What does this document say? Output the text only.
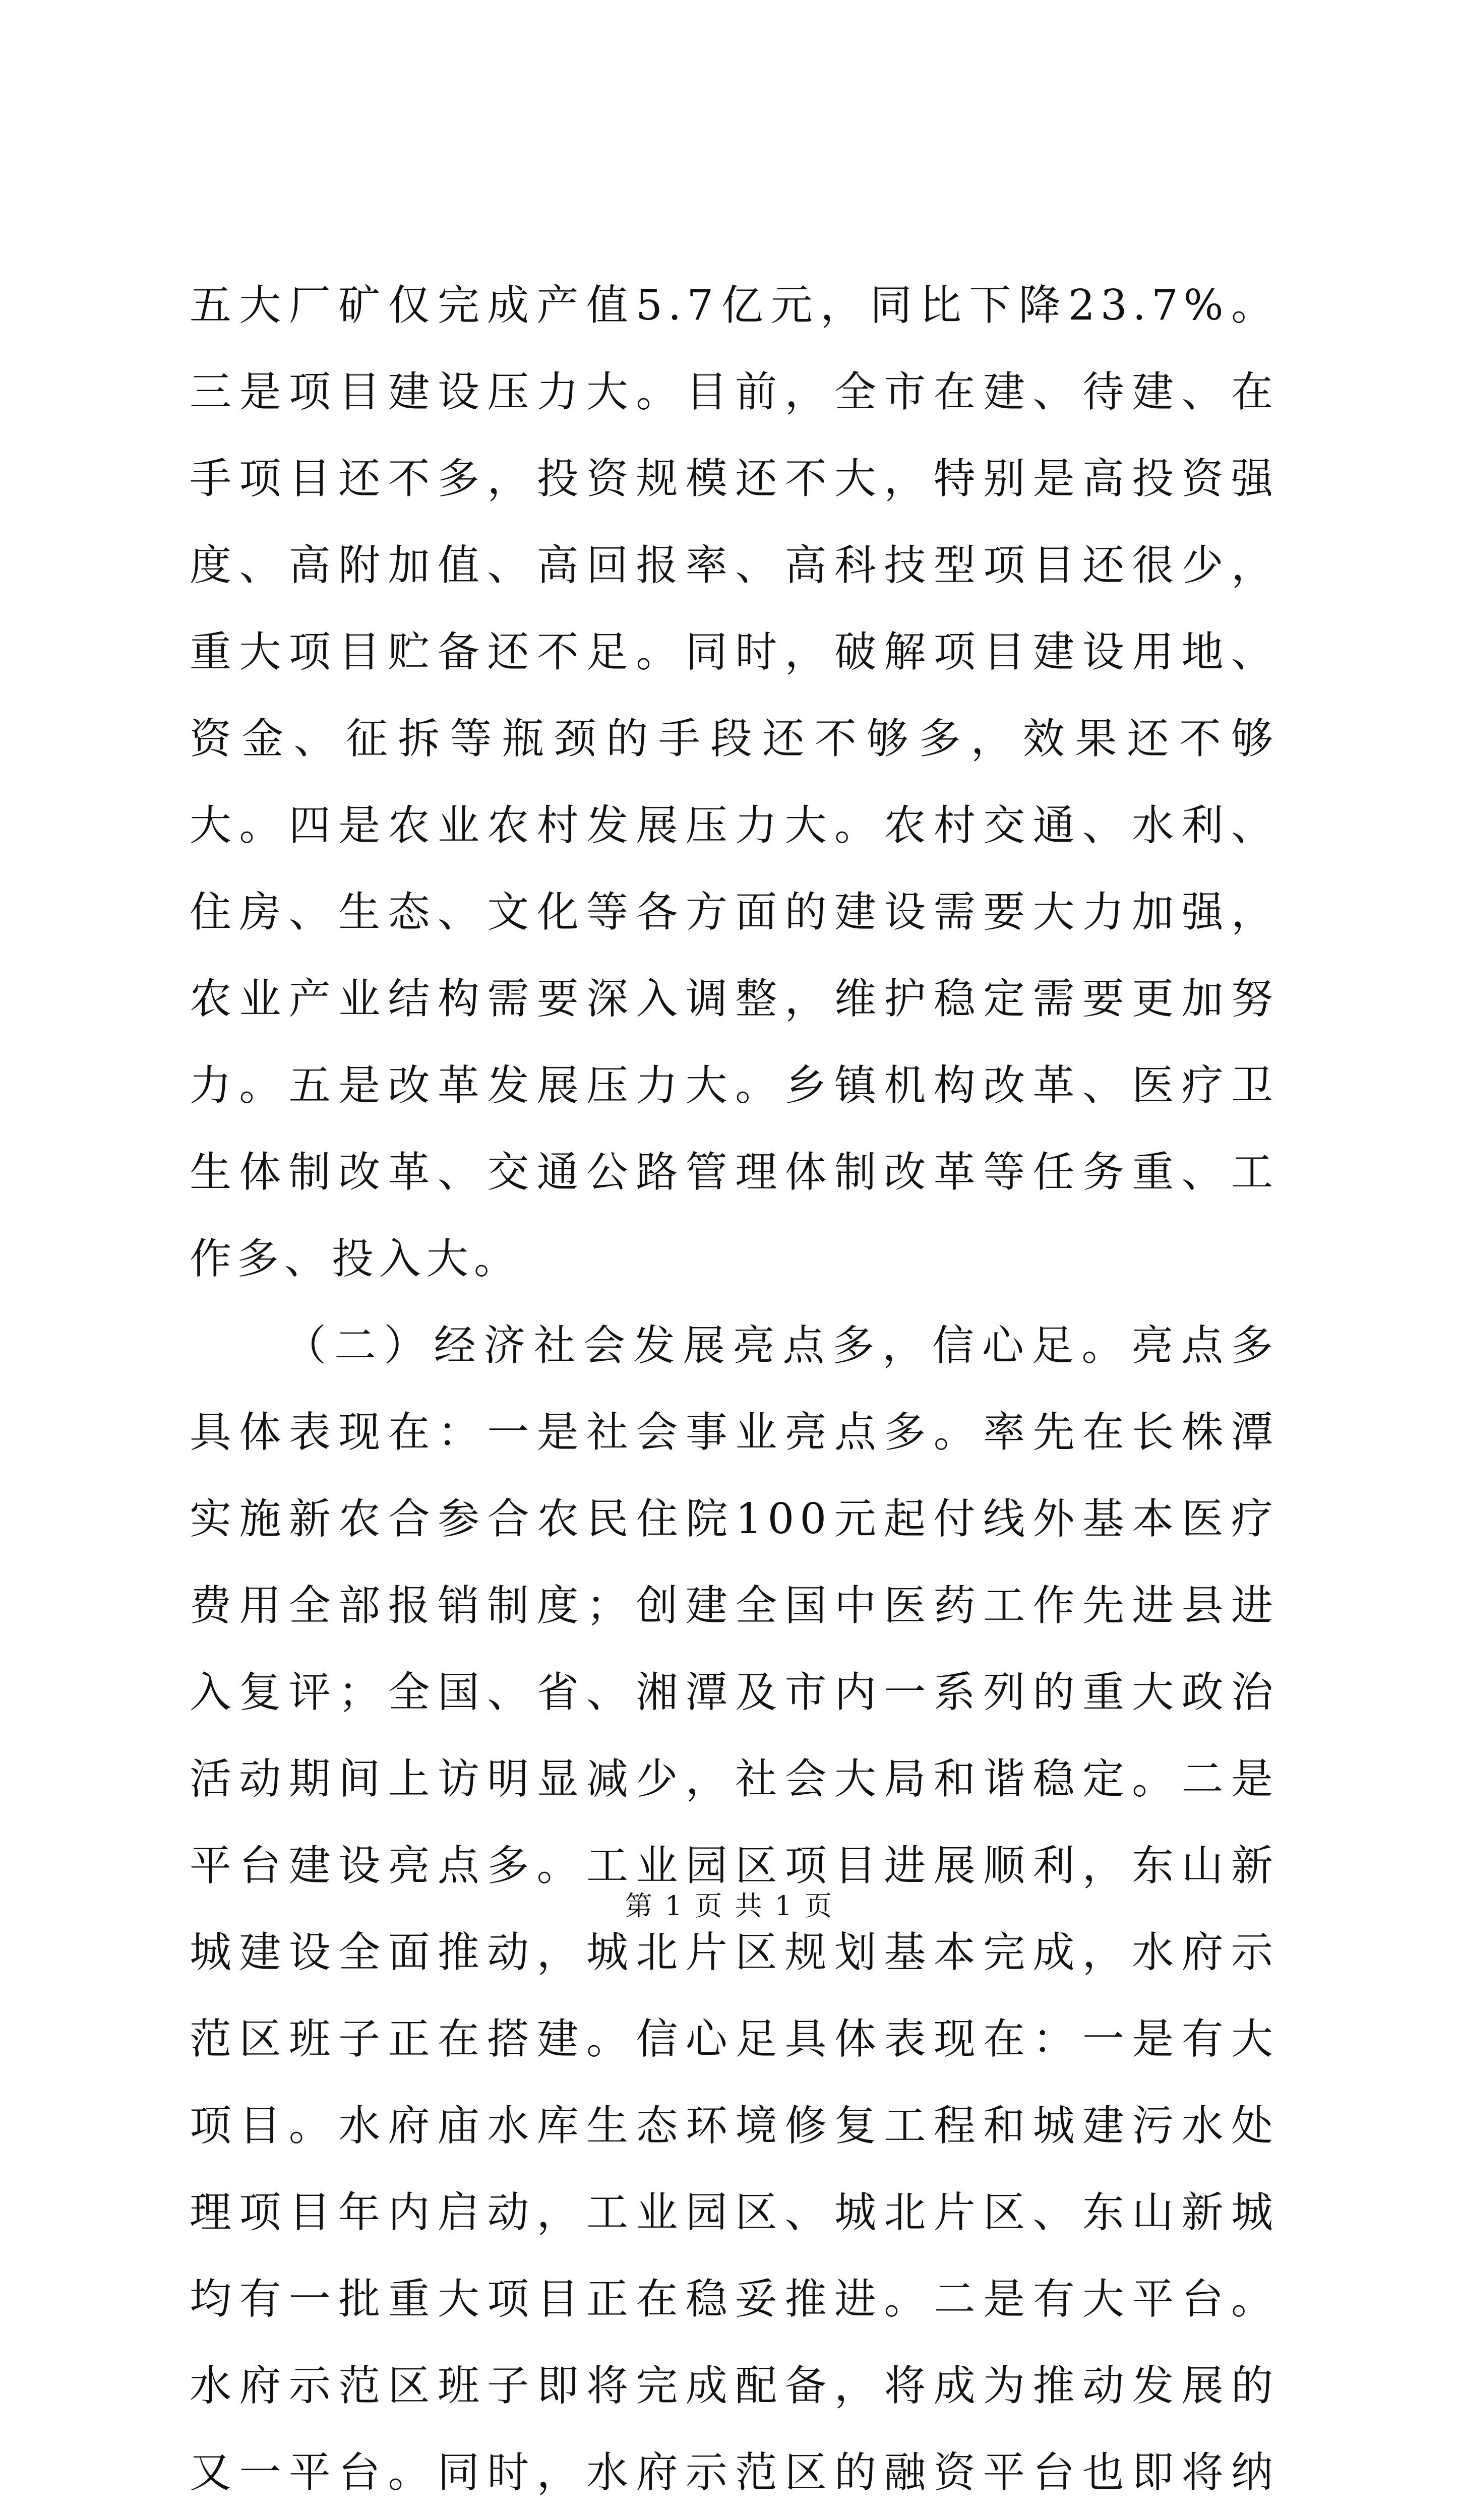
五大厂矿仅完成产值5.7亿元，同比下降23.7%。三是项目建设压力大。目前，全市在建、待建、在手项目还不多，投资规模还不大，特别是高投资强度、高附加值、高回报率、高科技型项目还很少，重大项目贮备还不足。同时，破解项目建设用地、资金、征拆等瓶颈的手段还不够多，效果还不够大。四是农业农村发展压力大。农村交通、水利、住房、生态、文化等各方面的建设需要大力加强，农业产业结构需要深入调整，维护稳定需要更加努力。五是改革发展压力大。乡镇机构改革、医疗卫生体制改革、交通公路管理体制改革等任务重、工作多、投入大。

（二）经济社会发展亮点多，信心足。亮点多具体表现在：一是社会事业亮点多。率先在长株潭实施新农合参合农民住院100元起付线外基本医疗费用全部报销制度；创建全国中医药工作先进县进入复评；全国、省、湘潭及市内一系列的重大政治活动期间上访明显减少，社会大局和谐稳定。二是平台建设亮点多。工业园区项目进展顺利，东山新城建设全面推动，城北片区规划基本完成，水府示范区班子正在搭建。信心足具体表现在：一是有大项目。水府庙水库生态环境修复工程和城建污水处理项目年内启动，工业园区、城北片区、东山新城均有一批重大项目正在稳妥推进。二是有大平台。水府示范区班子即将完成配备，将成为推动发展的又一平台。同时，水府示范区的融资平台也即将纳

第 1 页 共 1 页
